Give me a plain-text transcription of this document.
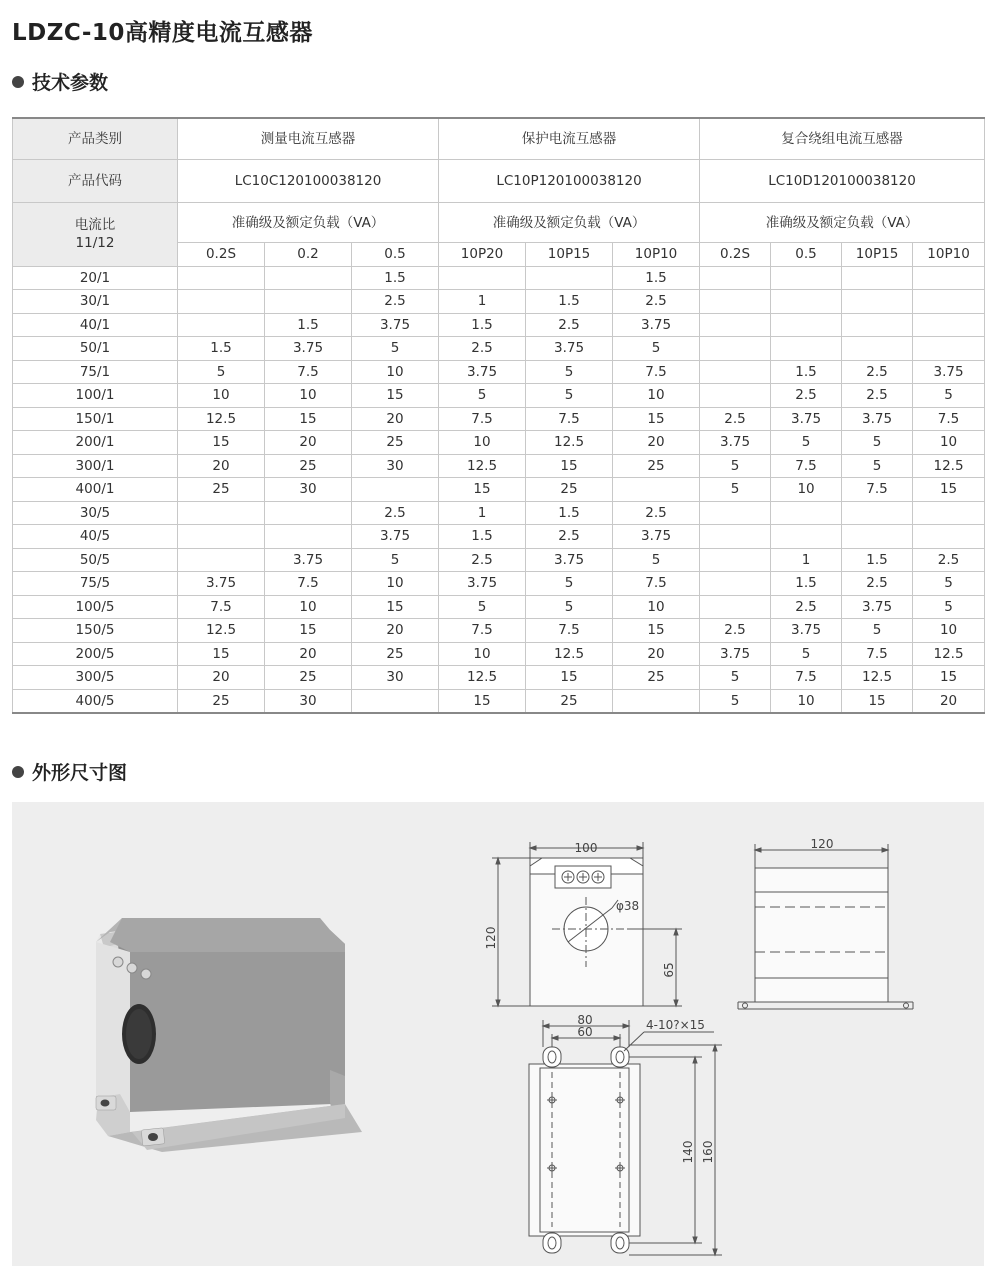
LDZC-10高精度电流互感器
技术参数
产品类别	测量电流互感器			保护电流互感器			复合绕组电流互感器			
产品代码	LC10C120100038120			LC10P120100038120			LC10D120100038120			

电流比
11/12	准确级及额定负载（VA）			准确级及额定负载（VA）			准确级及额定负载（VA）			
	0.2S	0.2	0.5	10P20	10P15	10P10	0.2S	0.5	10P15	10P10
20/1			1.5			1.5				
30/1			2.5	1	1.5	2.5				
40/1		1.5	3.75	1.5	2.5	3.75				
50/1	1.5	3.75	5	2.5	3.75	5				
75/1	5	7.5	10	3.75	5	7.5		1.5	2.5	3.75
100/1	10	10	15	5	5	10		2.5	2.5	5
150/1	12.5	15	20	7.5	7.5	15	2.5	3.75	3.75	7.5
200/1	15	20	25	10	12.5	20	3.75	5	5	10
300/1	20	25	30	12.5	15	25	5	7.5	5	12.5
400/1	25	30		15	25		5	10	7.5	15
30/5			2.5	1	1.5	2.5				
40/5			3.75	1.5	2.5	3.75				
50/5		3.75	5	2.5	3.75	5		1	1.5	2.5
75/5	3.75	7.5	10	3.75	5	7.5		1.5	2.5	5
100/5	7.5	10	15	5	5	10		2.5	3.75	5
150/5	12.5	15	20	7.5	7.5	15	2.5	3.75	5	10
200/5	15	20	25	10	12.5	20	3.75	5	7.5	12.5
300/5	20	25	30	12.5	15	25	5	7.5	12.5	15
400/5	25	30		15	25		5	10	15	20
外形尺寸图
100
120
φ38
65
120
80
60	4-10?×15
140 160
